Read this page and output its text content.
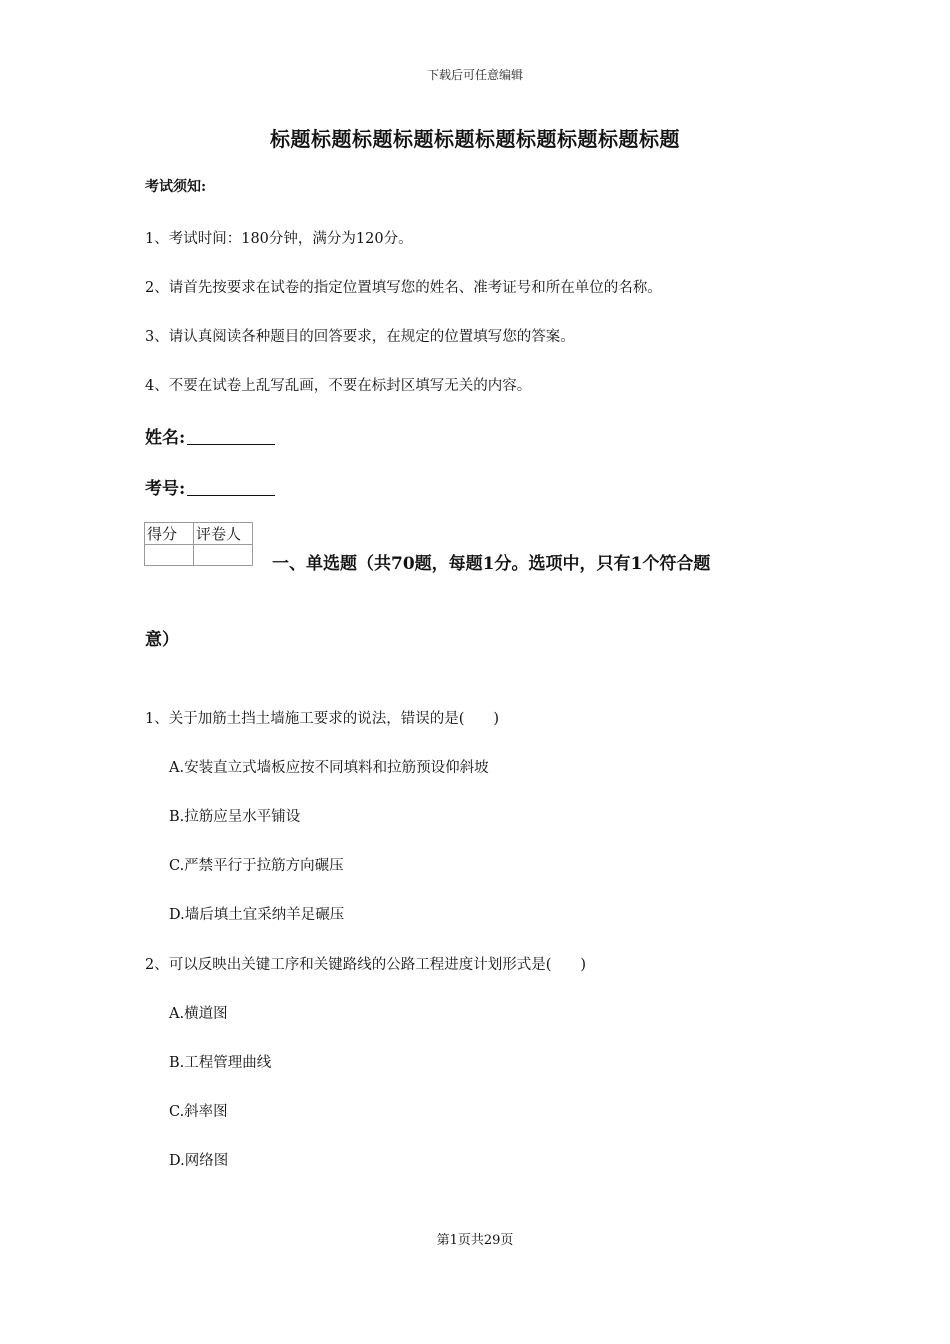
下载后可任意编辑
标题标题标题标题标题标题标题标题标题标题
考试须知:
1、考试时间：180分钟，满分为120分。
2、请首先按要求在试卷的指定位置填写您的姓名、准考证号和所在单位的名称。
3、请认真阅读各种题目的回答要求，在规定的位置填写您的答案。
4、不要在试卷上乱写乱画，不要在标封区填写无关的内容。
姓名:
考号:
得分	评卷人

一、单选题（共70题，每题1分。选项中，只有1个符合题
意）
1、关于加筋土挡土墙施工要求的说法，错误的是(　　)
A.安装直立式墙板应按不同填料和拉筋预设仰斜坡
B.拉筋应呈水平铺设
C.严禁平行于拉筋方向碾压
D.墙后填土宜采纳羊足碾压
2、可以反映出关键工序和关键路线的公路工程进度计划形式是(　　)
A.横道图
B.工程管理曲线
C.斜率图
D.网络图
第1页共29页
